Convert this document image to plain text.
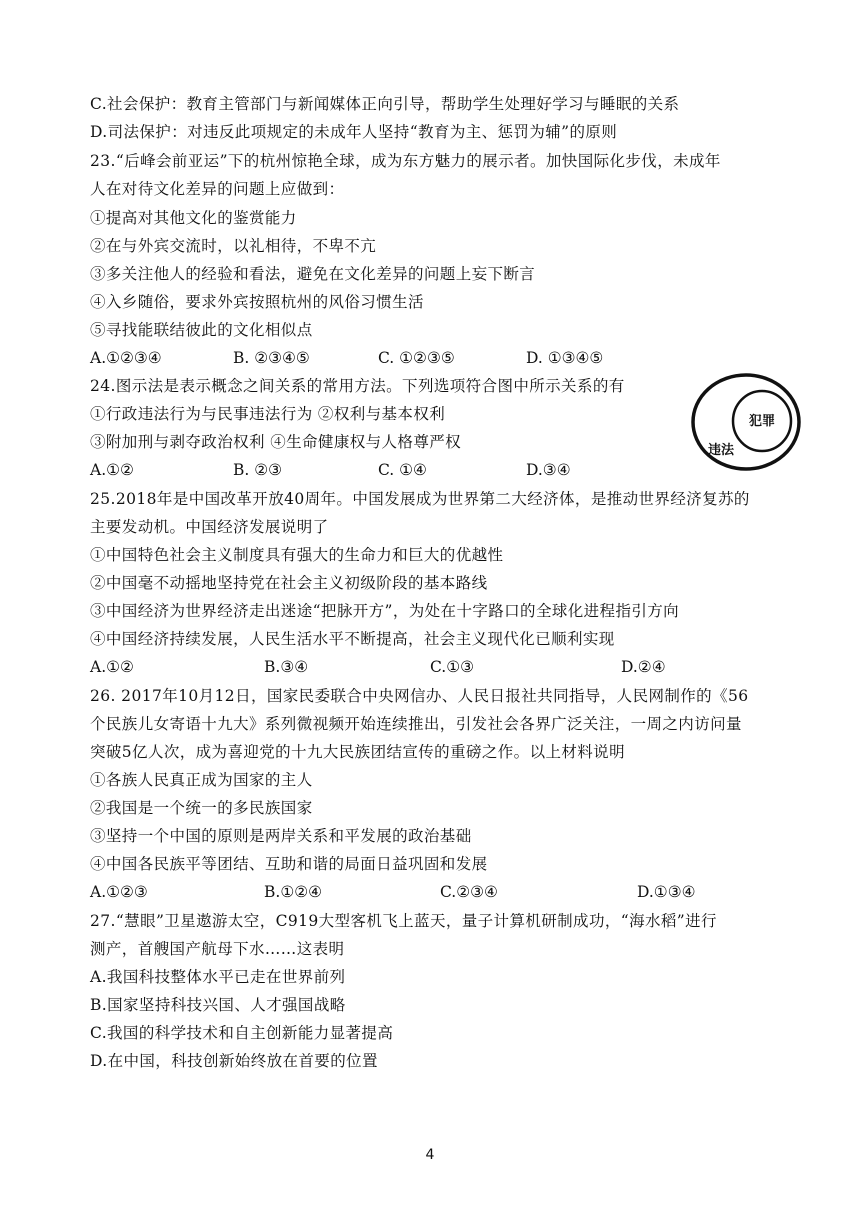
C.社会保护：教育主管部门与新闻媒体正向引导，帮助学生处理好学习与睡眠的关系
D.司法保护：对违反此项规定的未成年人坚持“教育为主、惩罚为辅”的原则
23.“后峰会前亚运”下的杭州惊艳全球，成为东方魅力的展示者。加快国际化步伐，未成年
人在对待文化差异的问题上应做到：
①提高对其他文化的鉴赏能力
②在与外宾交流时，以礼相待，不卑不亢
③多关注他人的经验和看法，避免在文化差异的问题上妄下断言
④入乡随俗，要求外宾按照杭州的风俗习惯生活
⑤寻找能联结彼此的文化相似点
A.①②③④	B. ②③④⑤	C. ①②③⑤	D. ①③④⑤
24.图示法是表示概念之间关系的常用方法。下列选项符合图中所示关系的有
①行政违法行为与民事违法行为 ②权利与基本权利
③附加刑与剥夺政治权利 ④生命健康权与人格尊严权
A.①②	B. ②③	C. ①④	D.③④
犯罪
违法
25.2018年是中国改革开放40周年。中国发展成为世界第二大经济体，是推动世界经济复苏的
主要发动机。中国经济发展说明了
①中国特色社会主义制度具有强大的生命力和巨大的优越性
②中国毫不动摇地坚持党在社会主义初级阶段的基本路线
③中国经济为世界经济走出迷途“把脉开方”，为处在十字路口的全球化进程指引方向
④中国经济持续发展，人民生活水平不断提高，社会主义现代化已顺利实现
A.①②	B.③④	C.①③	D.②④
26. 2017年10月12日，国家民委联合中央网信办、人民日报社共同指导，人民网制作的《56
个民族儿女寄语十九大》系列微视频开始连续推出，引发社会各界广泛关注，一周之内访问量
突破5亿人次，成为喜迎党的十九大民族团结宣传的重磅之作。以上材料说明
①各族人民真正成为国家的主人
②我国是一个统一的多民族国家
③坚持一个中国的原则是两岸关系和平发展的政治基础
④中国各民族平等团结、互助和谐的局面日益巩固和发展
A.①②③	B.①②④	C.②③④	D.①③④
27.“慧眼”卫星遨游太空，C919大型客机飞上蓝天，量子计算机研制成功，“海水稻”进行
测产，首艘国产航母下水……这表明
A.我国科技整体水平已走在世界前列
B.国家坚持科技兴国、人才强国战略
C.我国的科学技术和自主创新能力显著提高
D.在中国，科技创新始终放在首要的位置
4
